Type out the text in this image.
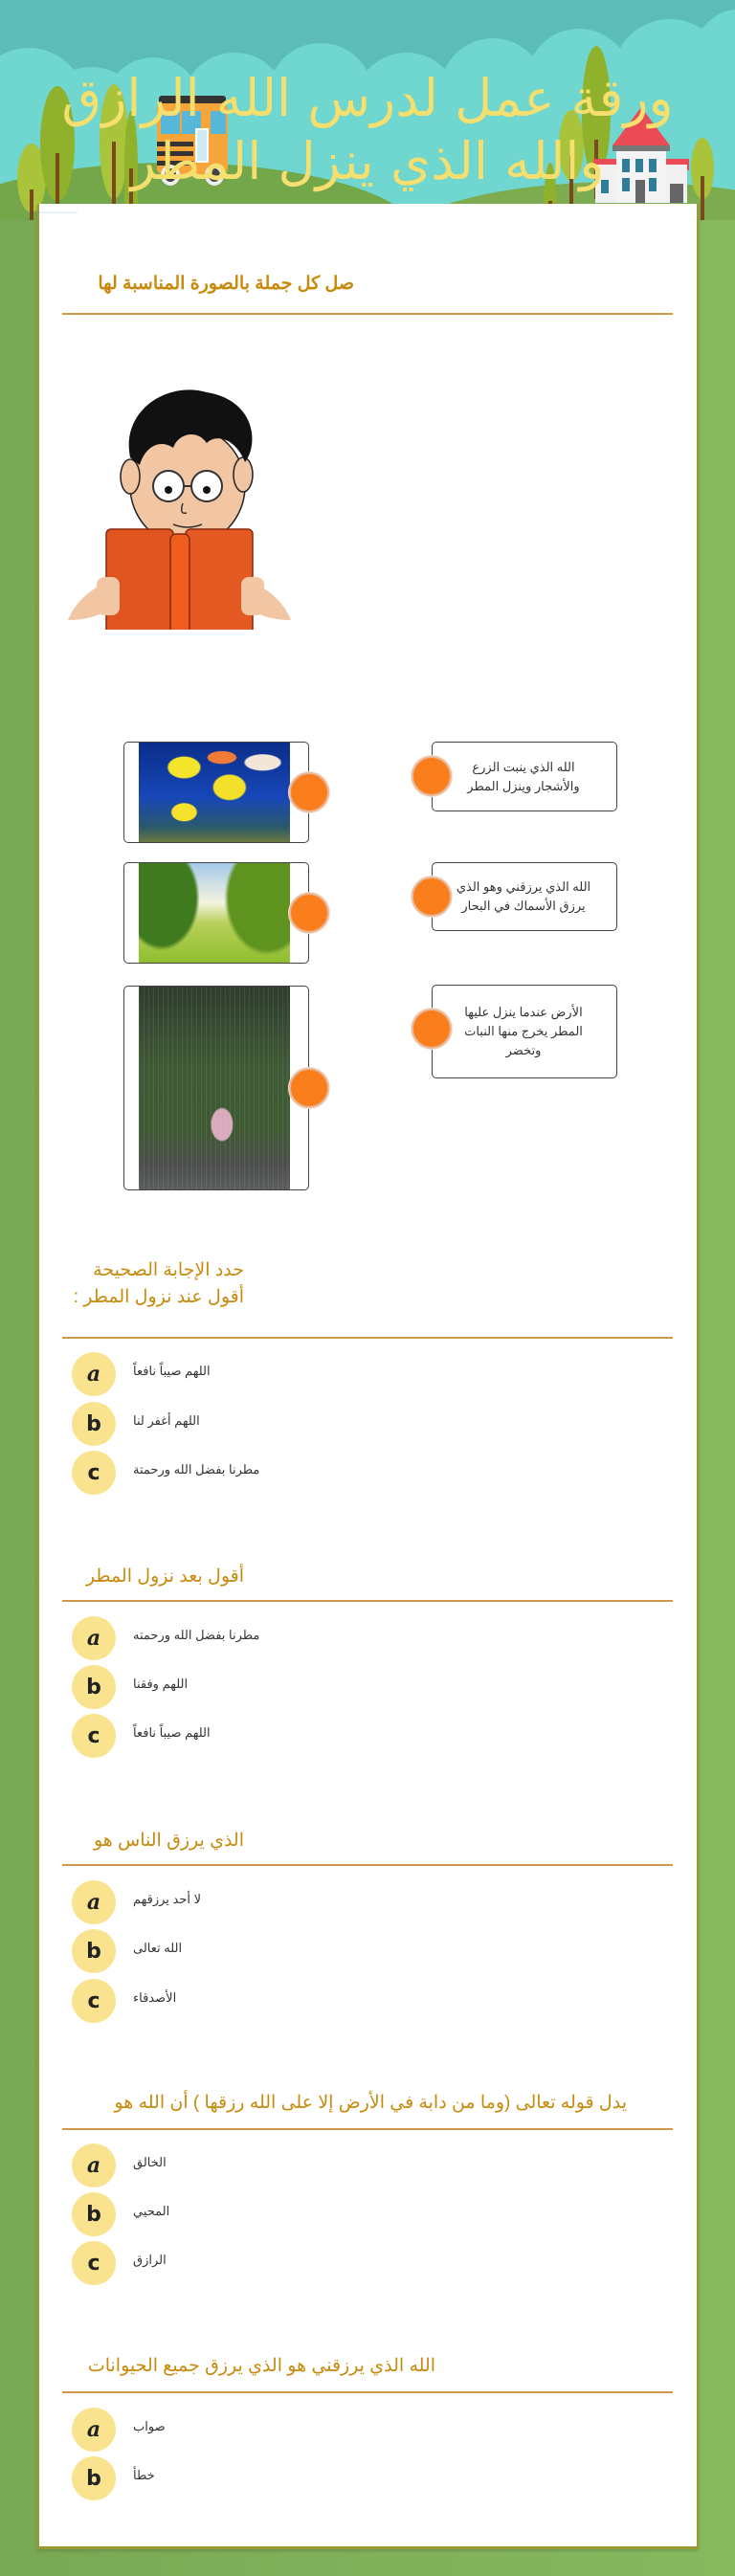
ورقة عمل لدرس الله الرازق والله الذي ينزل المطر
صل كل جملة بالصورة المناسبة لها
الله الذي ينبت الزرع والأشجار وينزل المطر
الله الذي يرزقني وهو الذي يرزق الأسماك في البحار
الأرض عندما ينزل عليها المطر يخرج منها النبات وتخضر
حدد الإجابة الصحيحة
أقول عند نزول المطر :
a	اللهم صيباً نافعاً
b	اللهم أغفر لنا
c	مطرنا بفضل الله ورحمتة
أقول بعد نزول المطر
a	مطرنا بفضل الله ورحمته
b	اللهم وفقنا
c	اللهم صيباً نافعاً
الذي يرزق الناس هو
a	لا أحد يرزقهم
b	الله تعالى
c	الأصدقاء
يدل قوله تعالى (وما من دابة في الأرض إلا على الله رزقها ) أن الله هو
a	الخالق
b	المحيي
c	الرازق
الله الذي يرزقني هو الذي يرزق جميع الحيوانات
a	صواب
b	خطأ
